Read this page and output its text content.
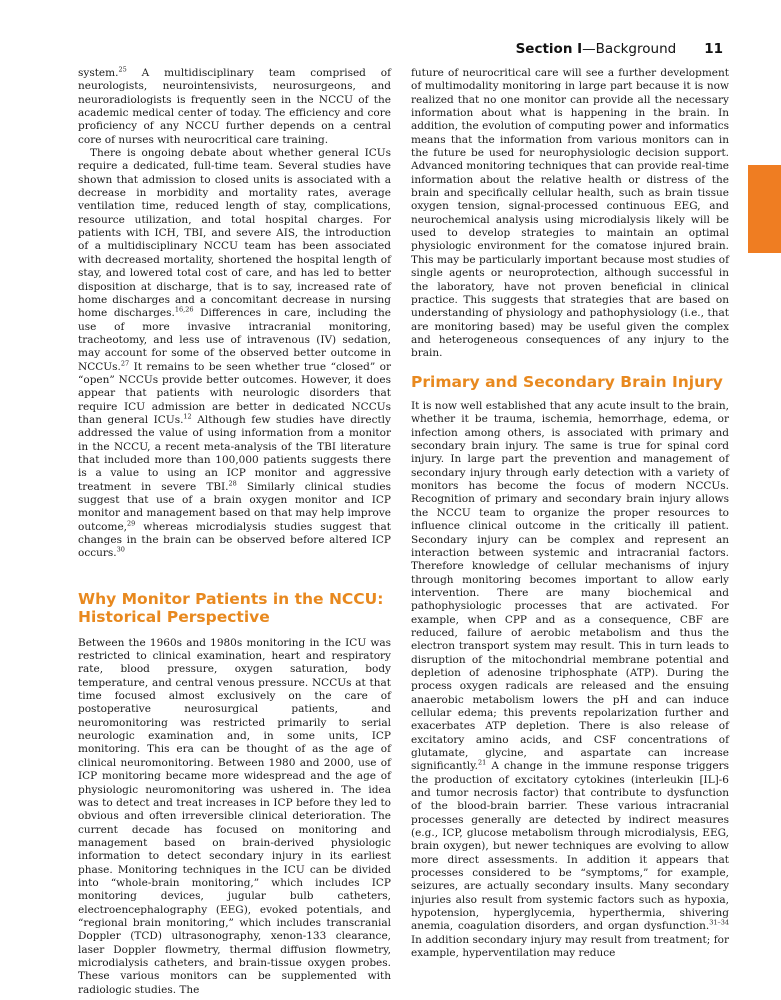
Section I—Background 11

system.$^{25}$ A multidisciplinary team comprised of neurologists, neurointensivists, neurosurgeons, and neuroradiologists is frequently seen in the NCCU of the academic medical center of today. The efficiency and core proficiency of any NCCU further depends on a central core of nurses with neurocritical care training.

There is ongoing debate about whether general ICUs require a dedicated, full-time team. Several studies have shown that admission to closed units is associated with a decrease in morbidity and mortality rates, average ventilation time, reduced length of stay, complications, resource utilization, and total hospital charges. For patients with ICH, TBI, and severe AIS, the introduction of a multidisciplinary NCCU team has been associated with decreased mortality, shortened the hospital length of stay, and lowered total cost of care, and has led to better disposition at discharge, that is to say, increased rate of home discharges and a concomitant decrease in nursing home discharges.$^{16,26}$ Differences in care, including the use of more invasive intracranial monitoring, tracheotomy, and less use of intravenous (IV) sedation, may account for some of the observed better outcome in NCCUs.$^{27}$ It remains to be seen whether true “closed” or “open” NCCUs provide better outcomes. However, it does appear that patients with neurologic disorders that require ICU admission are better in dedicated NCCUs than general ICUs.$^{12}$ Although few studies have directly addressed the value of using information from a monitor in the NCCU, a recent meta-analysis of the TBI literature that included more than 100,000 patients suggests there is a value to using an ICP monitor and aggressive treatment in severe TBI.$^{28}$ Similarly clinical studies suggest that use of a brain oxygen monitor and ICP monitor and management based on that may help improve outcome,$^{29}$ whereas microdialysis studies suggest that changes in the brain can be observed before altered ICP occurs.$^{30}$

Why Monitor Patients in the NCCU: Historical Perspective

Between the 1960s and 1980s monitoring in the ICU was restricted to clinical examination, heart and respiratory rate, blood pressure, oxygen saturation, body temperature, and central venous pressure. NCCUs at that time focused almost exclusively on the care of postoperative neurosurgical patients, and neuromonitoring was restricted primarily to serial neurologic examination and, in some units, ICP monitoring. This era can be thought of as the age of clinical neuromonitoring. Between 1980 and 2000, use of ICP monitoring became more widespread and the age of physiologic neuromonitoring was ushered in. The idea was to detect and treat increases in ICP before they led to obvious and often irreversible clinical deterioration. The current decade has focused on monitoring and management based on brain-derived physiologic information to detect secondary injury in its earliest phase. Monitoring techniques in the ICU can be divided into “whole-brain monitoring,” which includes ICP monitoring devices, jugular bulb catheters, electroencephalography (EEG), evoked potentials, and “regional brain monitoring,” which includes transcranial Doppler (TCD) ultrasonography, xenon-133 clearance, laser Doppler flowmetry, thermal diffusion flowmetry, microdialysis catheters, and brain-tissue oxygen probes. These various monitors can be supplemented with radiologic studies. The

future of neurocritical care will see a further development of multimodality monitoring in large part because it is now realized that no one monitor can provide all the necessary information about what is happening in the brain. In addition, the evolution of computing power and informatics means that the information from various monitors can in the future be used for neurophysiologic decision support. Advanced monitoring techniques that can provide real-time information about the relative health or distress of the brain and specifically cellular health, such as brain tissue oxygen tension, signal-processed continuous EEG, and neurochemical analysis using microdialysis likely will be used to develop strategies to maintain an optimal physiologic environment for the comatose injured brain. This may be particularly important because most studies of single agents or neuroprotection, although successful in the laboratory, have not proven beneficial in clinical practice. This suggests that strategies that are based on understanding of physiology and pathophysiology (i.e., that are monitoring based) may be useful given the complex and heterogeneous consequences of any injury to the brain.

Primary and Secondary Brain Injury

It is now well established that any acute insult to the brain, whether it be trauma, ischemia, hemorrhage, edema, or infection among others, is associated with primary and secondary brain injury. The same is true for spinal cord injury. In large part the prevention and management of secondary injury through early detection with a variety of monitors has become the focus of modern NCCUs. Recognition of primary and secondary brain injury allows the NCCU team to organize the proper resources to influence clinical outcome in the critically ill patient. Secondary injury can be complex and represent an interaction between systemic and intracranial factors. Therefore knowledge of cellular mechanisms of injury through monitoring becomes important to allow early intervention. There are many biochemical and pathophysiologic processes that are activated. For example, when CPP and as a consequence, CBF are reduced, failure of aerobic metabolism and thus the electron transport system may result. This in turn leads to disruption of the mitochondrial membrane potential and depletion of adenosine triphosphate (ATP). During the process oxygen radicals are released and the ensuing anaerobic metabolism lowers the pH and can induce cellular edema; this prevents repolarization further and exacerbates ATP depletion. There is also release of excitatory amino acids, and CSF concentrations of glutamate, glycine, and aspartate can increase significantly.$^{21}$ A change in the immune response triggers the production of excitatory cytokines (interleukin [IL]-6 and tumor necrosis factor) that contribute to dysfunction of the blood-brain barrier. These various intracranial processes generally are detected by indirect measures (e.g., ICP, glucose metabolism through microdialysis, EEG, brain oxygen), but newer techniques are evolving to allow more direct assessments. In addition it appears that processes considered to be “symptoms,” for example, seizures, are actually secondary insults. Many secondary injuries also result from systemic factors such as hypoxia, hypotension, hyperglycemia, hyperthermia, shivering anemia, coagulation disorders, and organ dysfunction.$^{31-34}$ In addition secondary injury may result from treatment; for example, hyperventilation may reduce
